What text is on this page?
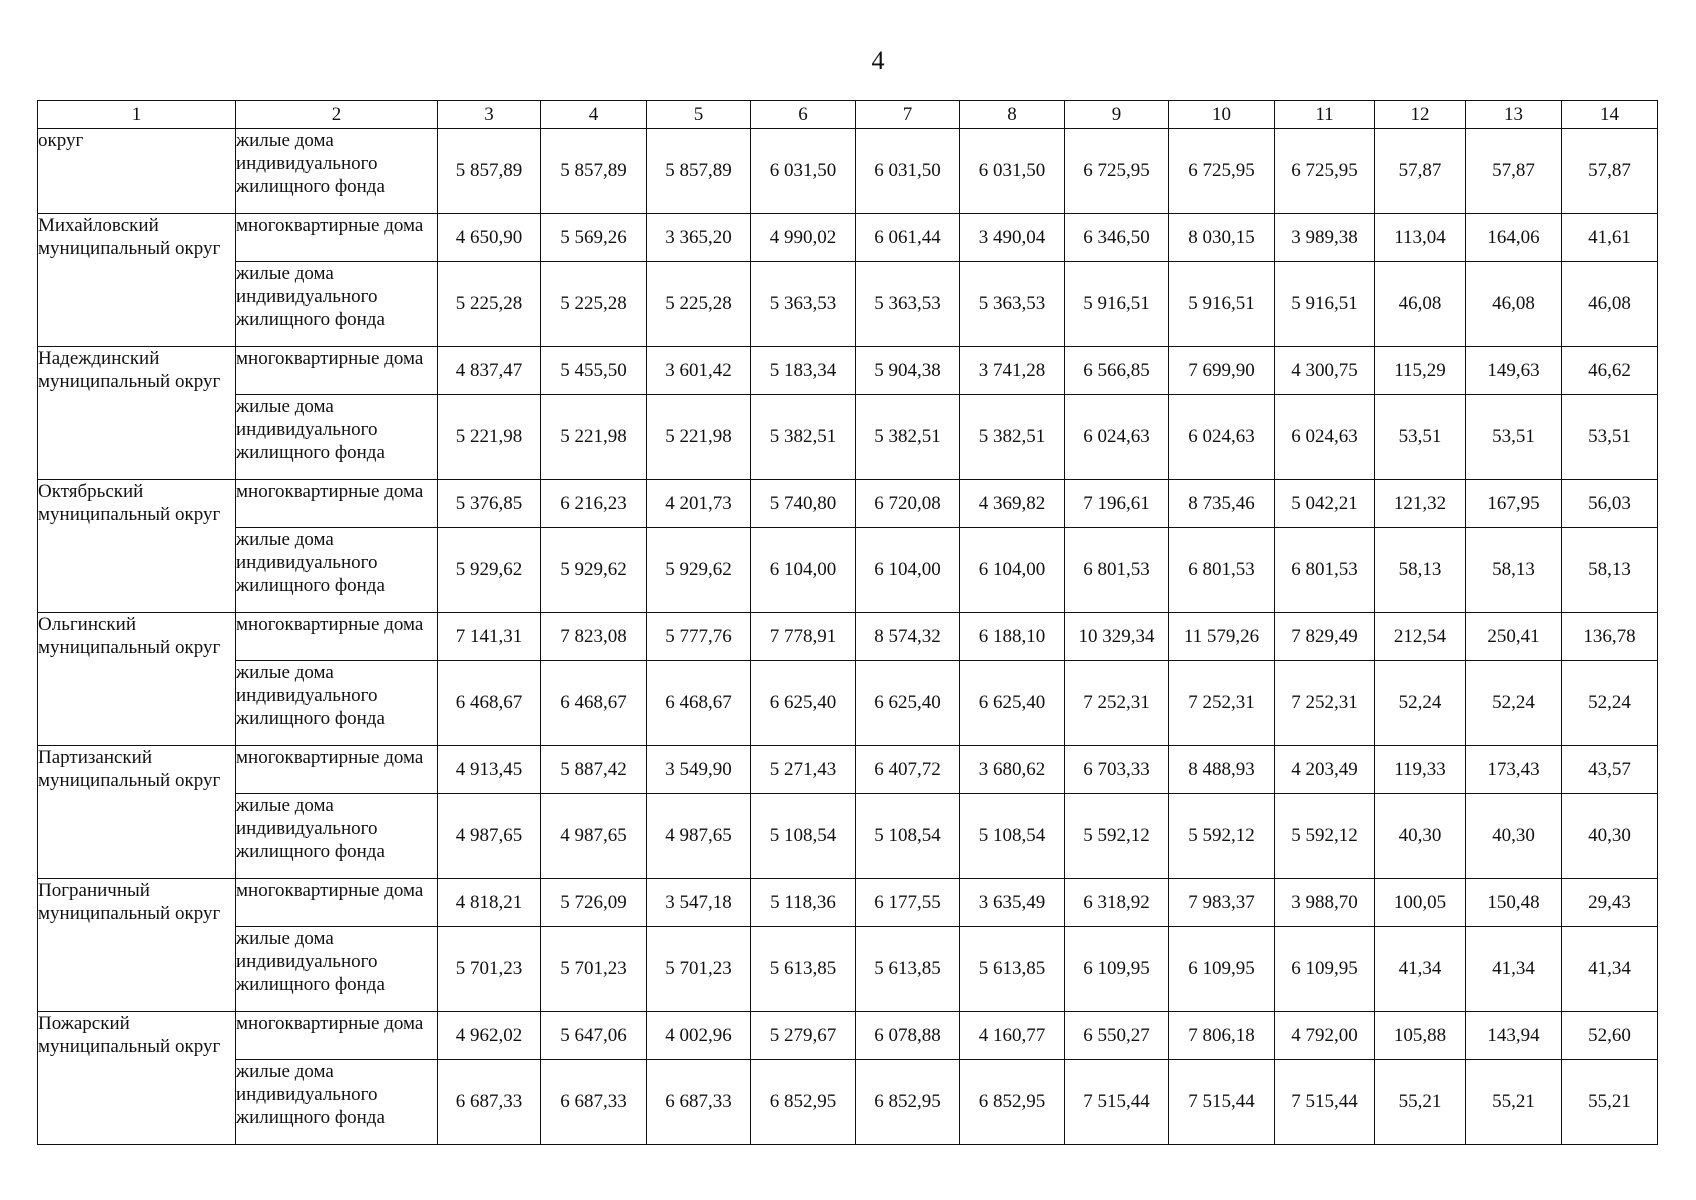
4
1	2	3	4	5	6	7	8	9	10	11	12	13	14
округ	жилые дома индивидуального жилищного фонда	5 857,89	5 857,89	5 857,89	6 031,50	6 031,50	6 031,50	6 725,95	6 725,95	6 725,95	57,87	57,87	57,87
Михайловский муниципальный округ	многоквартирные дома	4 650,90	5 569,26	3 365,20	4 990,02	6 061,44	3 490,04	6 346,50	8 030,15	3 989,38	113,04	164,06	41,61
	жилые дома индивидуального жилищного фонда	5 225,28	5 225,28	5 225,28	5 363,53	5 363,53	5 363,53	5 916,51	5 916,51	5 916,51	46,08	46,08	46,08
Надеждинский муниципальный округ	многоквартирные дома	4 837,47	5 455,50	3 601,42	5 183,34	5 904,38	3 741,28	6 566,85	7 699,90	4 300,75	115,29	149,63	46,62
	жилые дома индивидуального жилищного фонда	5 221,98	5 221,98	5 221,98	5 382,51	5 382,51	5 382,51	6 024,63	6 024,63	6 024,63	53,51	53,51	53,51
Октябрьский муниципальный округ	многоквартирные дома	5 376,85	6 216,23	4 201,73	5 740,80	6 720,08	4 369,82	7 196,61	8 735,46	5 042,21	121,32	167,95	56,03
	жилые дома индивидуального жилищного фонда	5 929,62	5 929,62	5 929,62	6 104,00	6 104,00	6 104,00	6 801,53	6 801,53	6 801,53	58,13	58,13	58,13
Ольгинский муниципальный округ	многоквартирные дома	7 141,31	7 823,08	5 777,76	7 778,91	8 574,32	6 188,10	10 329,34	11 579,26	7 829,49	212,54	250,41	136,78
	жилые дома индивидуального жилищного фонда	6 468,67	6 468,67	6 468,67	6 625,40	6 625,40	6 625,40	7 252,31	7 252,31	7 252,31	52,24	52,24	52,24
Партизанский муниципальный округ	многоквартирные дома	4 913,45	5 887,42	3 549,90	5 271,43	6 407,72	3 680,62	6 703,33	8 488,93	4 203,49	119,33	173,43	43,57
	жилые дома индивидуального жилищного фонда	4 987,65	4 987,65	4 987,65	5 108,54	5 108,54	5 108,54	5 592,12	5 592,12	5 592,12	40,30	40,30	40,30
Пограничный муниципальный округ	многоквартирные дома	4 818,21	5 726,09	3 547,18	5 118,36	6 177,55	3 635,49	6 318,92	7 983,37	3 988,70	100,05	150,48	29,43
	жилые дома индивидуального жилищного фонда	5 701,23	5 701,23	5 701,23	5 613,85	5 613,85	5 613,85	6 109,95	6 109,95	6 109,95	41,34	41,34	41,34
Пожарский муниципальный округ	многоквартирные дома	4 962,02	5 647,06	4 002,96	5 279,67	6 078,88	4 160,77	6 550,27	7 806,18	4 792,00	105,88	143,94	52,60
	жилые дома индивидуального жилищного фонда	6 687,33	6 687,33	6 687,33	6 852,95	6 852,95	6 852,95	7 515,44	7 515,44	7 515,44	55,21	55,21	55,21
